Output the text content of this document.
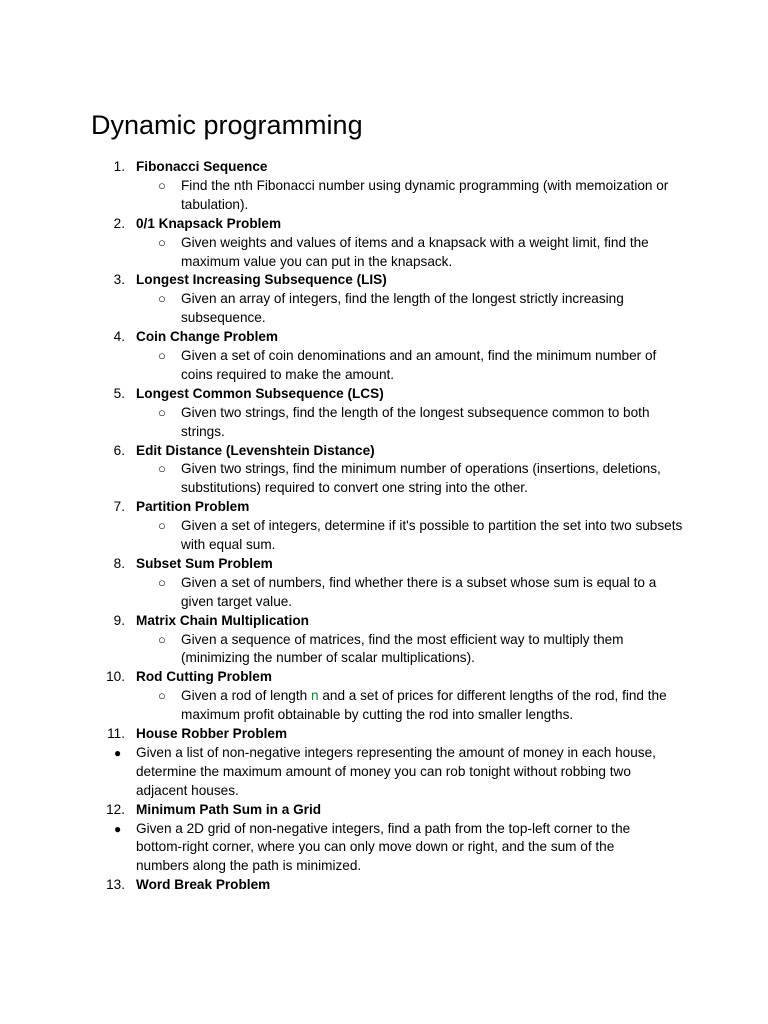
Dynamic programming
1. Fibonacci Sequence
○ Find the nth Fibonacci number using dynamic programming (with memoization or tabulation).
2. 0/1 Knapsack Problem
○ Given weights and values of items and a knapsack with a weight limit, find the maximum value you can put in the knapsack.
3. Longest Increasing Subsequence (LIS)
○ Given an array of integers, find the length of the longest strictly increasing subsequence.
4. Coin Change Problem
○ Given a set of coin denominations and an amount, find the minimum number of coins required to make the amount.
5. Longest Common Subsequence (LCS)
○ Given two strings, find the length of the longest subsequence common to both strings.
6. Edit Distance (Levenshtein Distance)
○ Given two strings, find the minimum number of operations (insertions, deletions, substitutions) required to convert one string into the other.
7. Partition Problem
○ Given a set of integers, determine if it's possible to partition the set into two subsets with equal sum.
8. Subset Sum Problem
○ Given a set of numbers, find whether there is a subset whose sum is equal to a given target value.
9. Matrix Chain Multiplication
○ Given a sequence of matrices, find the most efficient way to multiply them (minimizing the number of scalar multiplications).
10. Rod Cutting Problem
○ Given a rod of length n and a set of prices for different lengths of the rod, find the maximum profit obtainable by cutting the rod into smaller lengths.
11. House Robber Problem
● Given a list of non-negative integers representing the amount of money in each house, determine the maximum amount of money you can rob tonight without robbing two adjacent houses.
12. Minimum Path Sum in a Grid
● Given a 2D grid of non-negative integers, find a path from the top-left corner to the bottom-right corner, where you can only move down or right, and the sum of the numbers along the path is minimized.
13. Word Break Problem
